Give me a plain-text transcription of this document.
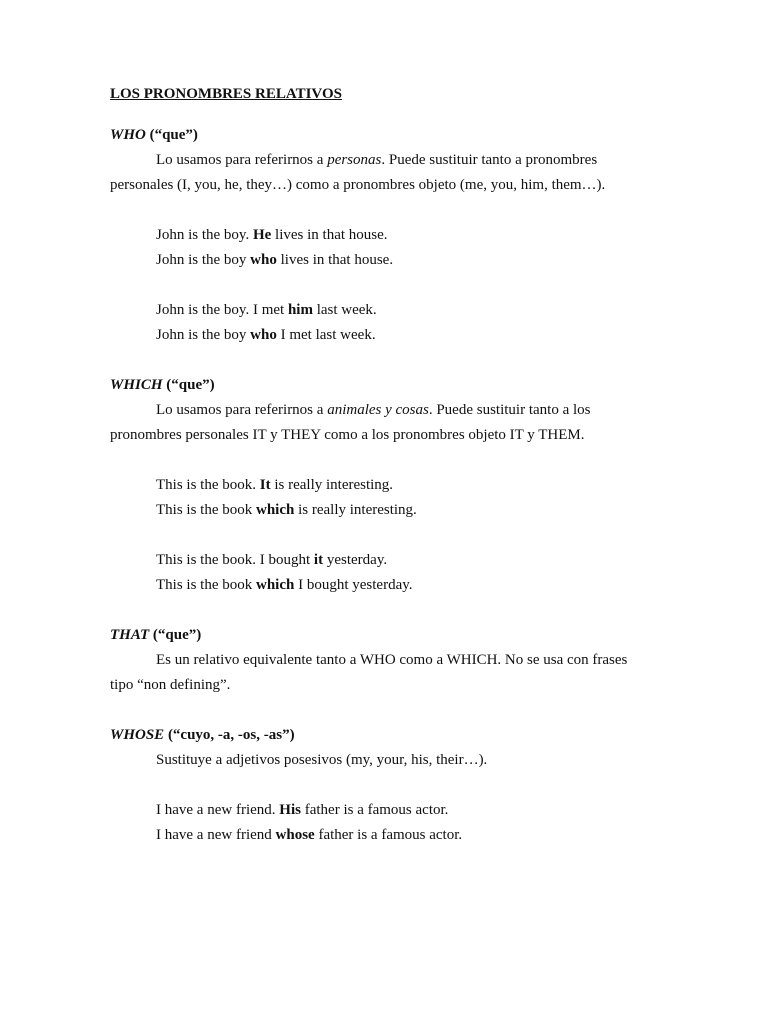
LOS PRONOMBRES RELATIVOS
WHO (“que”)
Lo usamos para referirnos a personas. Puede sustituir tanto a pronombres personales (I, you, he, they…) como a pronombres objeto (me, you, him, them…).
John is the boy. He lives in that house.
John is the boy who lives in that house.
John is the boy. I met him last week.
John is the boy who I met last week.
WHICH (“que”)
Lo usamos para referirnos a animales y cosas. Puede sustituir tanto a los pronombres personales IT y THEY como a los pronombres objeto IT y THEM.
This is the book. It is really interesting.
This is the book which is really interesting.
This is the book. I bought it yesterday.
This is the book which I bought yesterday.
THAT (“que”)
Es un relativo equivalente tanto a WHO como a WHICH. No se usa con frases tipo “non defining”.
WHOSE (“cuyo, -a, -os, -as”)
Sustituye a adjetivos posesivos (my, your, his, their…).
I have a new friend. His father is a famous actor.
I have a new friend whose father is a famous actor.
